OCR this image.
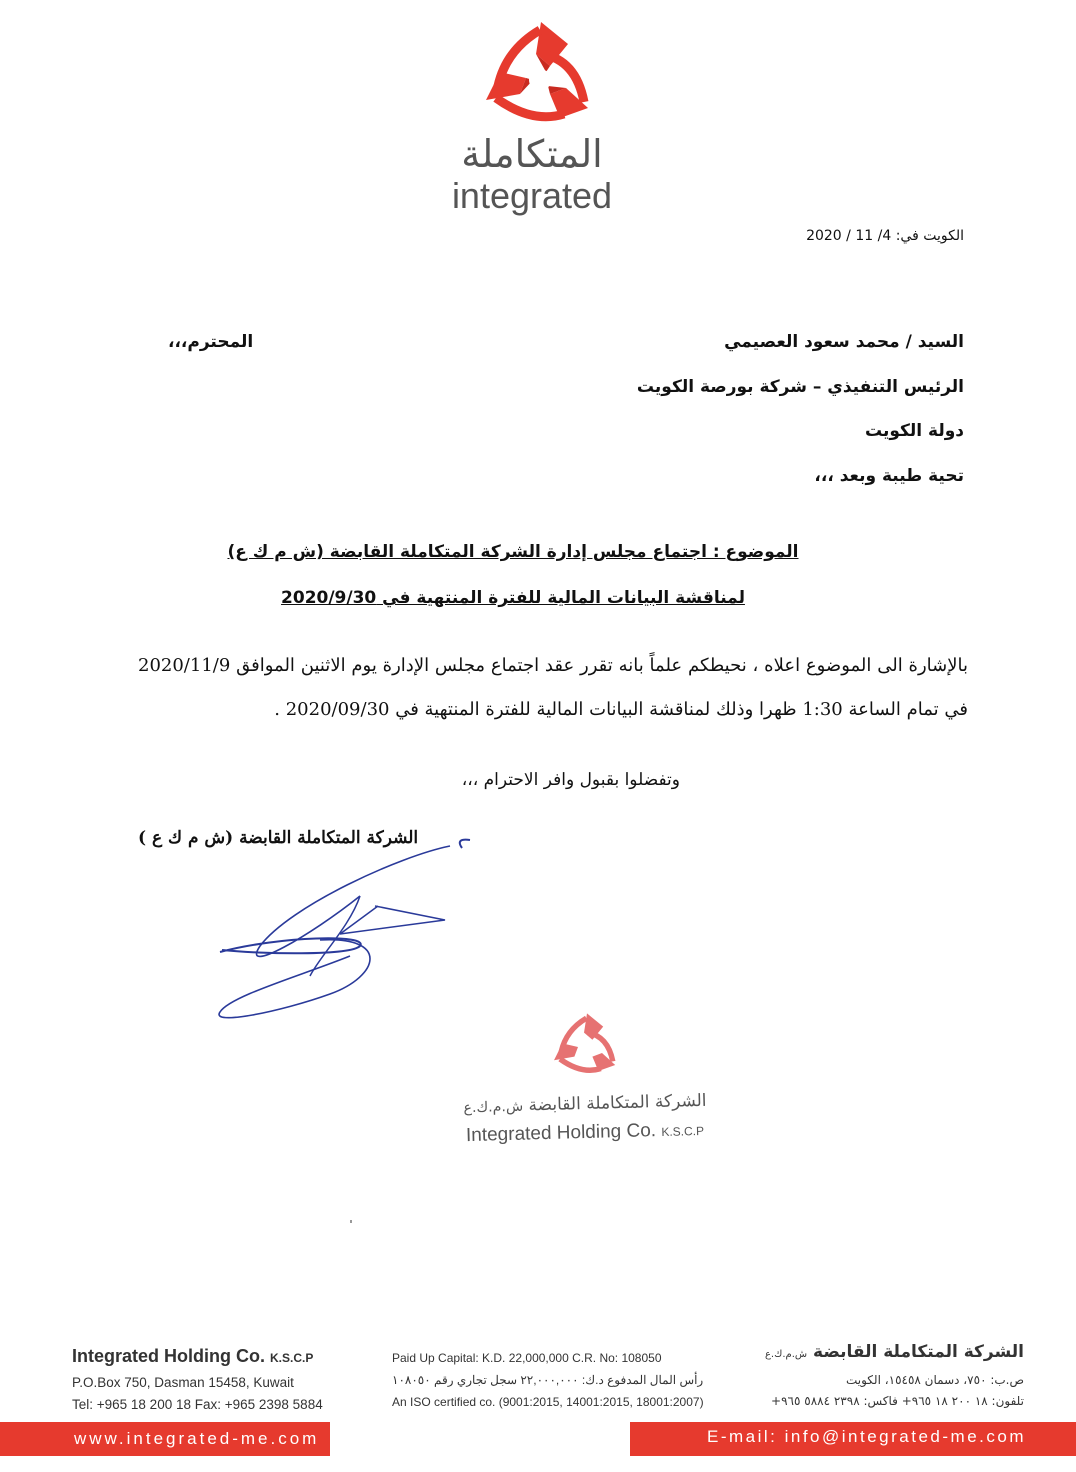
المتكاملة
integrated
الكويت في: 4/ 11 / 2020
السيد / محمد سعود العصيمي
المحترم،،،
الرئيس التنفيذي – شركة بورصة الكويت
دولة الكويت
تحية طيبة وبعد ،،،
الموضوع : اجتماع مجلس إدارة الشركة المتكاملة القابضة (ش م ك ع)
لمناقشة البيانات المالية للفترة المنتهية في 2020/9/30
بالإشارة الى الموضوع اعلاه ، نحيطكم علماً بانه تقرر عقد اجتماع مجلس الإدارة يوم الاثنين الموافق 2020/11/9 في تمام الساعة 1:30 ظهرا وذلك لمناقشة البيانات المالية للفترة المنتهية في 2020/09/30 .
وتفضلوا بقبول وافر الاحترام ،،،
الشركة المتكاملة القابضة (ش م ك ع )
الشركة المتكاملة القابضة ش.م.ك.ع
Integrated Holding Co. K.S.C.P
Integrated Holding Co. K.S.C.P
P.O.Box 750, Dasman 15458, Kuwait
Tel: +965 18 200 18 Fax: +965 2398 5884
Paid Up Capital: K.D. 22,000,000 C.R. No: 108050
رأس المال المدفوع د.ك: ٢٢,٠٠٠,٠٠٠ سجل تجاري رقم ١٠٨٠٥٠
An ISO certified co. (9001:2015, 14001:2015, 18001:2007)
الشركة المتكاملة القابضة ش.م.ك.ع
ص.ب: ٧٥٠، دسمان ١٥٤٥٨، الكويت
تلفون: ١٨ ٢٠٠ ١٨ ٩٦٥+ فاكس: ٢٣٩٨ ٥٨٨٤ ٩٦٥+
www.integrated-me.com	E-mail: info@integrated-me.com
